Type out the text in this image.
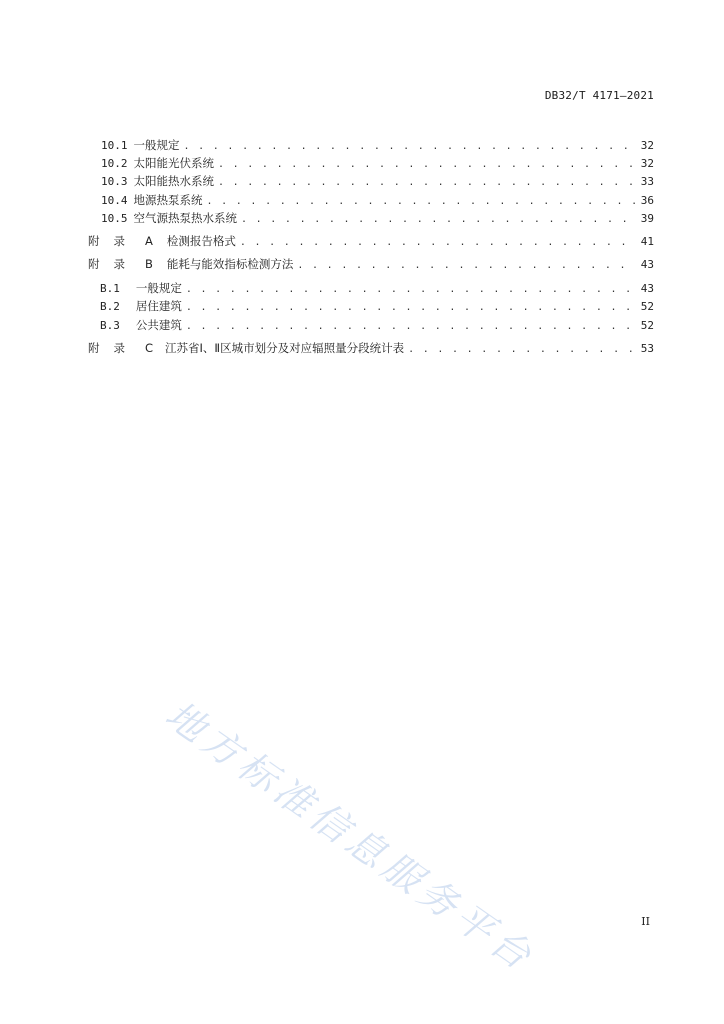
DB32/T 4171—2021
10.1 一般规定 . . .	32
10.2 太阳能光伏系统 . . .	32
10.3 太阳能热水系统 . . .	33
10.4 地源热泵系统 . . .	36
10.5 空气源热泵热水系统 . . .	39
附 录 A 检测报告格式 . . .	41
附 录 B 能耗与能效指标检测方法 . . .	43
B.1 一般规定 . . .	43
B.2 居住建筑 . . .	52
B.3 公共建筑 . . .	52
附 录 C 江苏省Ⅰ、Ⅱ区城市划分及对应辐照量分段统计表 . . .	53
地方标准信息服务平台	II
